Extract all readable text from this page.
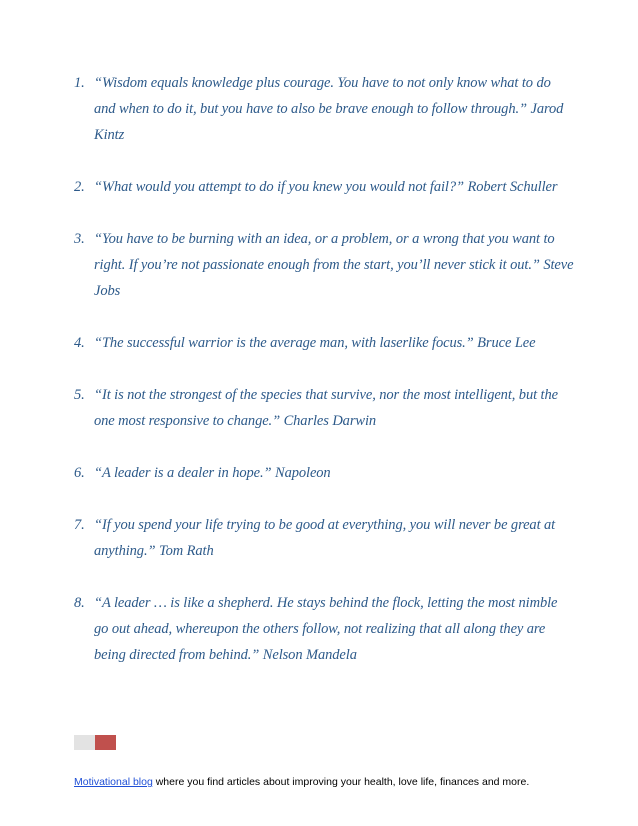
1. “Wisdom equals knowledge plus courage. You have to not only know what to do and when to do it, but you have to also be brave enough to follow through.” Jarod Kintz
2. “What would you attempt to do if you knew you would not fail?” Robert Schuller
3. “You have to be burning with an idea, or a problem, or a wrong that you want to right. If you’re not passionate enough from the start, you’ll never stick it out.” Steve Jobs
4. “The successful warrior is the average man, with laserlike focus.” Bruce Lee
5. “It is not the strongest of the species that survive, nor the most intelligent, but the one most responsive to change.” Charles Darwin
6. “A leader is a dealer in hope.” Napoleon
7. “If you spend your life trying to be good at everything, you will never be great at anything.” Tom Rath
8. “A leader … is like a shepherd. He stays behind the flock, letting the most nimble go out ahead, whereupon the others follow, not realizing that all along they are being directed from behind.” Nelson Mandela
Motivational blog where you find articles about improving your health, love life, finances and more.
